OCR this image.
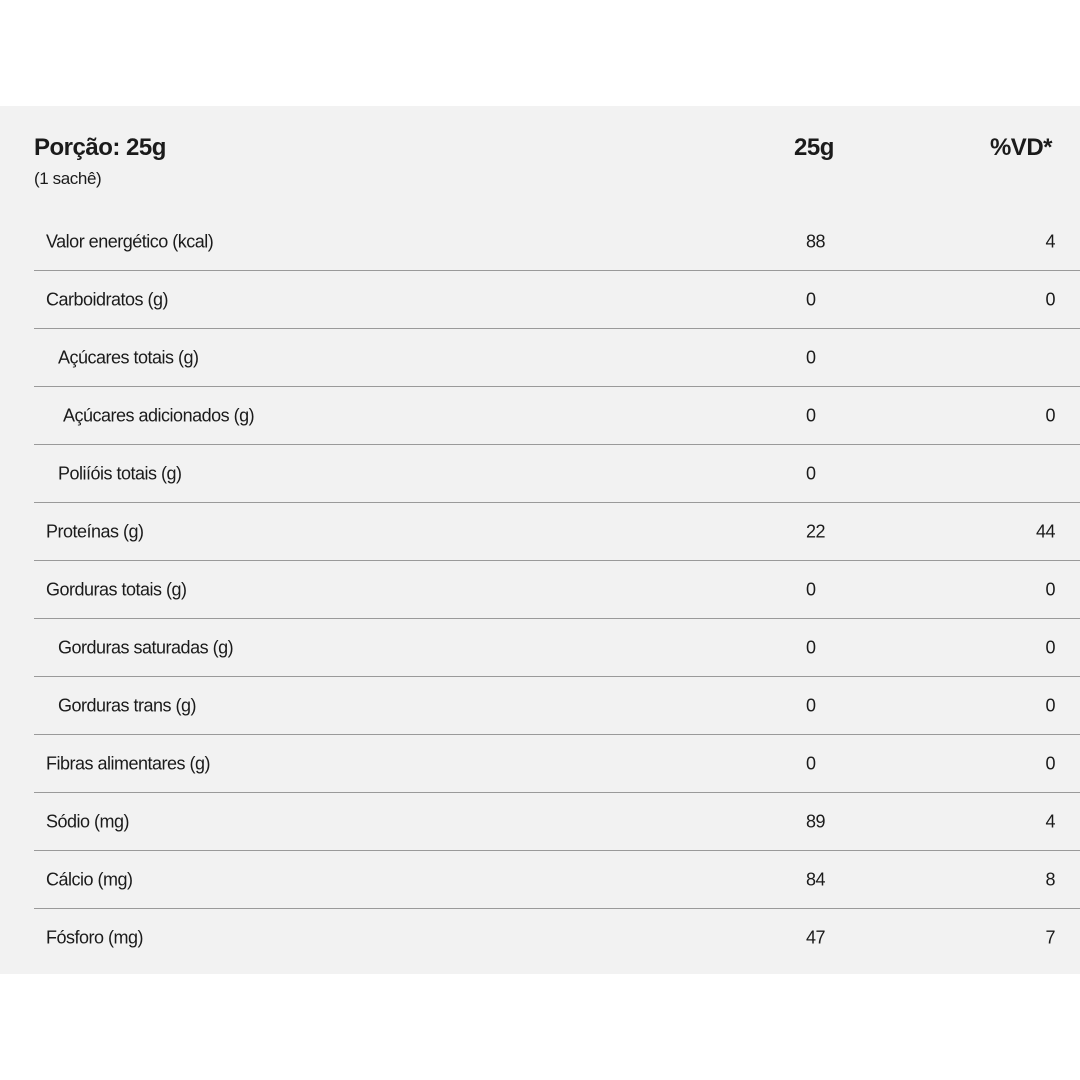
Porção: 25g
(1 sachê)
25g	%VD*
Valor energético (kcal)	88	4
Carboidratos (g)	0	0
Açúcares totais (g)	0
Açúcares adicionados (g)	0	0
Poliíóis totais (g)	0
Proteínas (g)	22	44
Gorduras totais (g)	0	0
Gorduras saturadas (g)	0	0
Gorduras trans (g)	0	0
Fibras alimentares (g)	0	0
Sódio (mg)	89	4
Cálcio (mg)	84	8
Fósforo (mg)	47	7
